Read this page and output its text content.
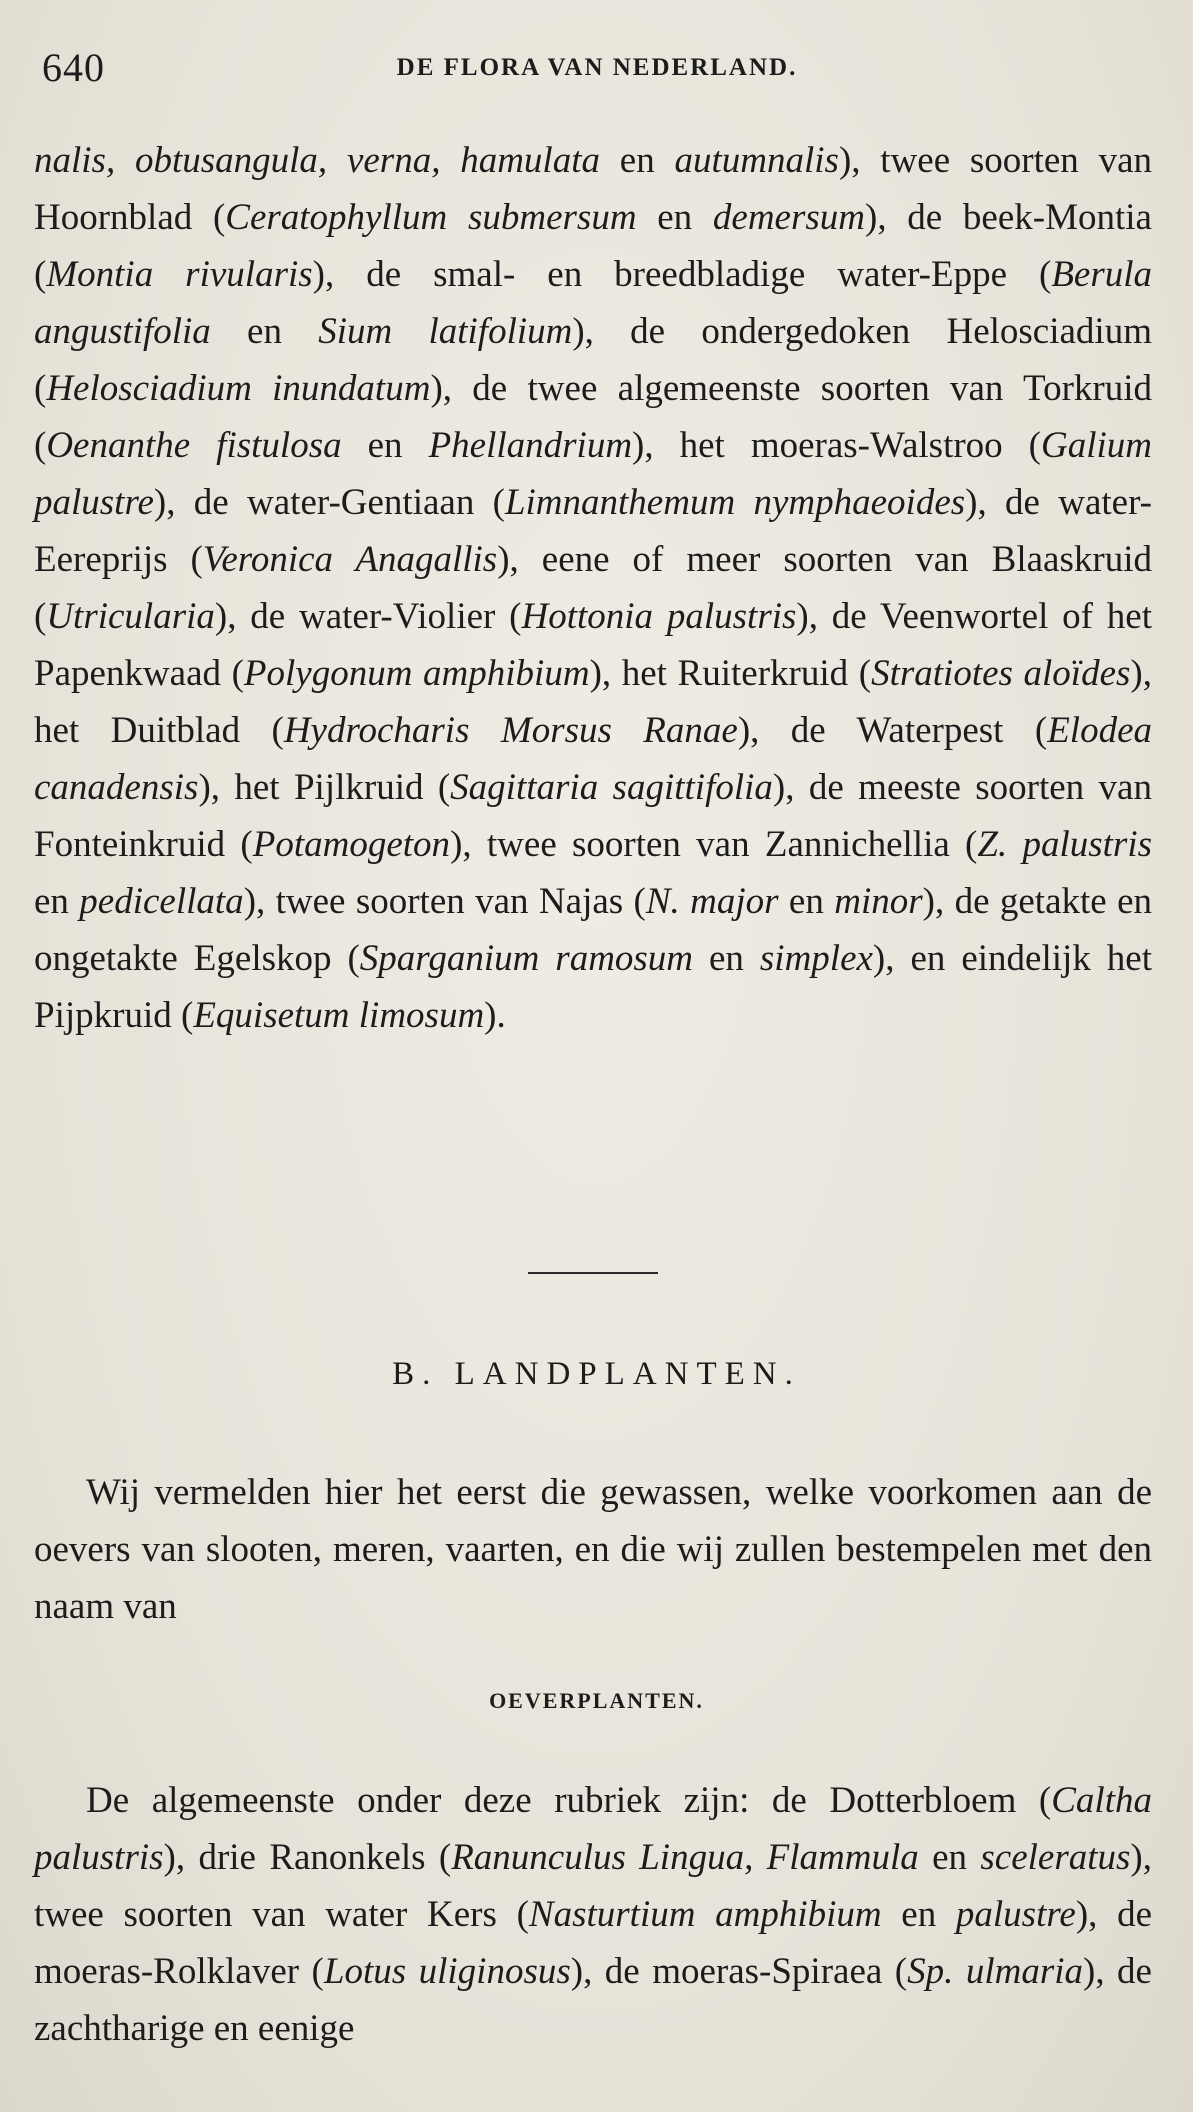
640	DE FLORA VAN NEDERLAND.
nalis, obtusangula, verna, hamulata en autumnalis), twee soorten van Hoornblad (Ceratophyllum submersum en demersum), de beek-Montia (Montia rivularis), de smal- en breedbladige water-Eppe (Berula angustifolia en Sium latifolium), de ondergedoken Helosciadium (Helosciadium inundatum), de twee algemeenste soorten van Torkruid (Oenanthe fistulosa en Phellandrium), het moeras-Walstroo (Galium palustre), de water-Gentiaan (Limnanthemum nymphaeoides), de water-Eereprijs (Veronica Anagallis), eene of meer soorten van Blaaskruid (Utricularia), de water-Violier (Hottonia palustris), de Veenwortel of het Papenkwaad (Polygonum amphibium), het Ruiterkruid (Stratiotes aloïdes), het Duitblad (Hydrocharis Morsus Ranae), de Waterpest (Elodea canadensis), het Pijlkruid (Sagittaria sagittifolia), de meeste soorten van Fonteinkruid (Potamogeton), twee soorten van Zannichellia (Z. palustris en pedicellata), twee soorten van Najas (N. major en minor), de getakte en ongetakte Egelskop (Sparganium ramosum en simplex), en eindelijk het Pijpkruid (Equisetum limosum).
B. LANDPLANTEN.
Wij vermelden hier het eerst die gewassen, welke voorkomen aan de oevers van slooten, meren, vaarten, en die wij zullen bestempelen met den naam van
OEVERPLANTEN.
De algemeenste onder deze rubriek zijn: de Dotterbloem (Caltha palustris), drie Ranonkels (Ranunculus Lingua, Flammula en sceleratus), twee soorten van water Kers (Nasturtium amphibium en palustre), de moeras-Rolklaver (Lotus uliginosus), de moeras-Spiraea (Sp. ulmaria), de zachtharige en eenige
